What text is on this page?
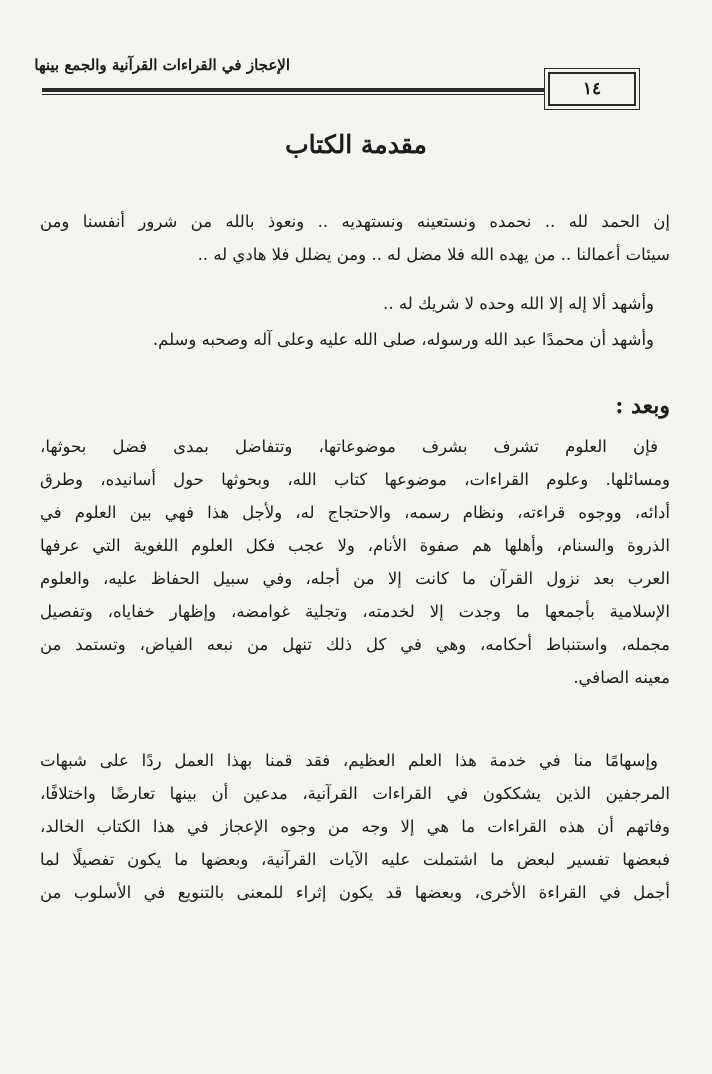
الإعجاز في القراءات القرآنية والجمع بينها
١٤
مقدمة الكتاب
إن الحمد لله .. نحمده ونستعينه ونستهديه .. ونعوذ بالله من شرور أنفسنا ومن
سيئات أعمالنا .. من يهده الله فلا مضل له .. ومن يضلل فلا هادي له ..
وأشهد ألا إله إلا الله وحده لا شريك له ..
وأشهد أن محمدًا عبد الله ورسوله، صلى الله عليه وعلى آله وصحبه وسلم.
وبعد :
فإن العلوم تشرف بشرف موضوعاتها، وتتفاضل بمدى فضل بحوثها،
ومسائلها. وعلوم القراءات، موضوعها كتاب الله، وبحوثها حول أسانيده، وطرق
أدائه، ووجوه قراءته، ونظام رسمه، والاحتجاج له، ولأجل هذا فهي بين العلوم في
الذروة والسنام، وأهلها هم صفوة الأنام، ولا عجب فكل العلوم اللغوية التي عرفها
العرب بعد نزول القرآن ما كانت إلا من أجله، وفي سبيل الحفاظ عليه، والعلوم
الإسلامية بأجمعها ما وجدت إلا لخدمته، وتجلية غوامضه، وإظهار خفاياه، وتفصيل
مجمله، واستنباط أحكامه، وهي في كل ذلك تنهل من نبعه الفياض، وتستمد من
معينه الصافي.
وإسهامًا منا في خدمة هذا العلم العظيم، فقد قمنا بهذا العمل ردًا على شبهات
المرجفين الذين يشككون في القراءات القرآنية، مدعين أن بينها تعارضًا واختلافًا،
وفاتهم أن هذه القراءات ما هي إلا وجه من وجوه الإعجاز في هذا الكتاب الخالد،
فبعضها تفسير لبعض ما اشتملت عليه الآيات القرآنية، وبعضها ما يكون تفصيلًا لما
أجمل في القراءة الأخرى، وبعضها قد يكون إثراء للمعنى بالتنويع في الأسلوب من
